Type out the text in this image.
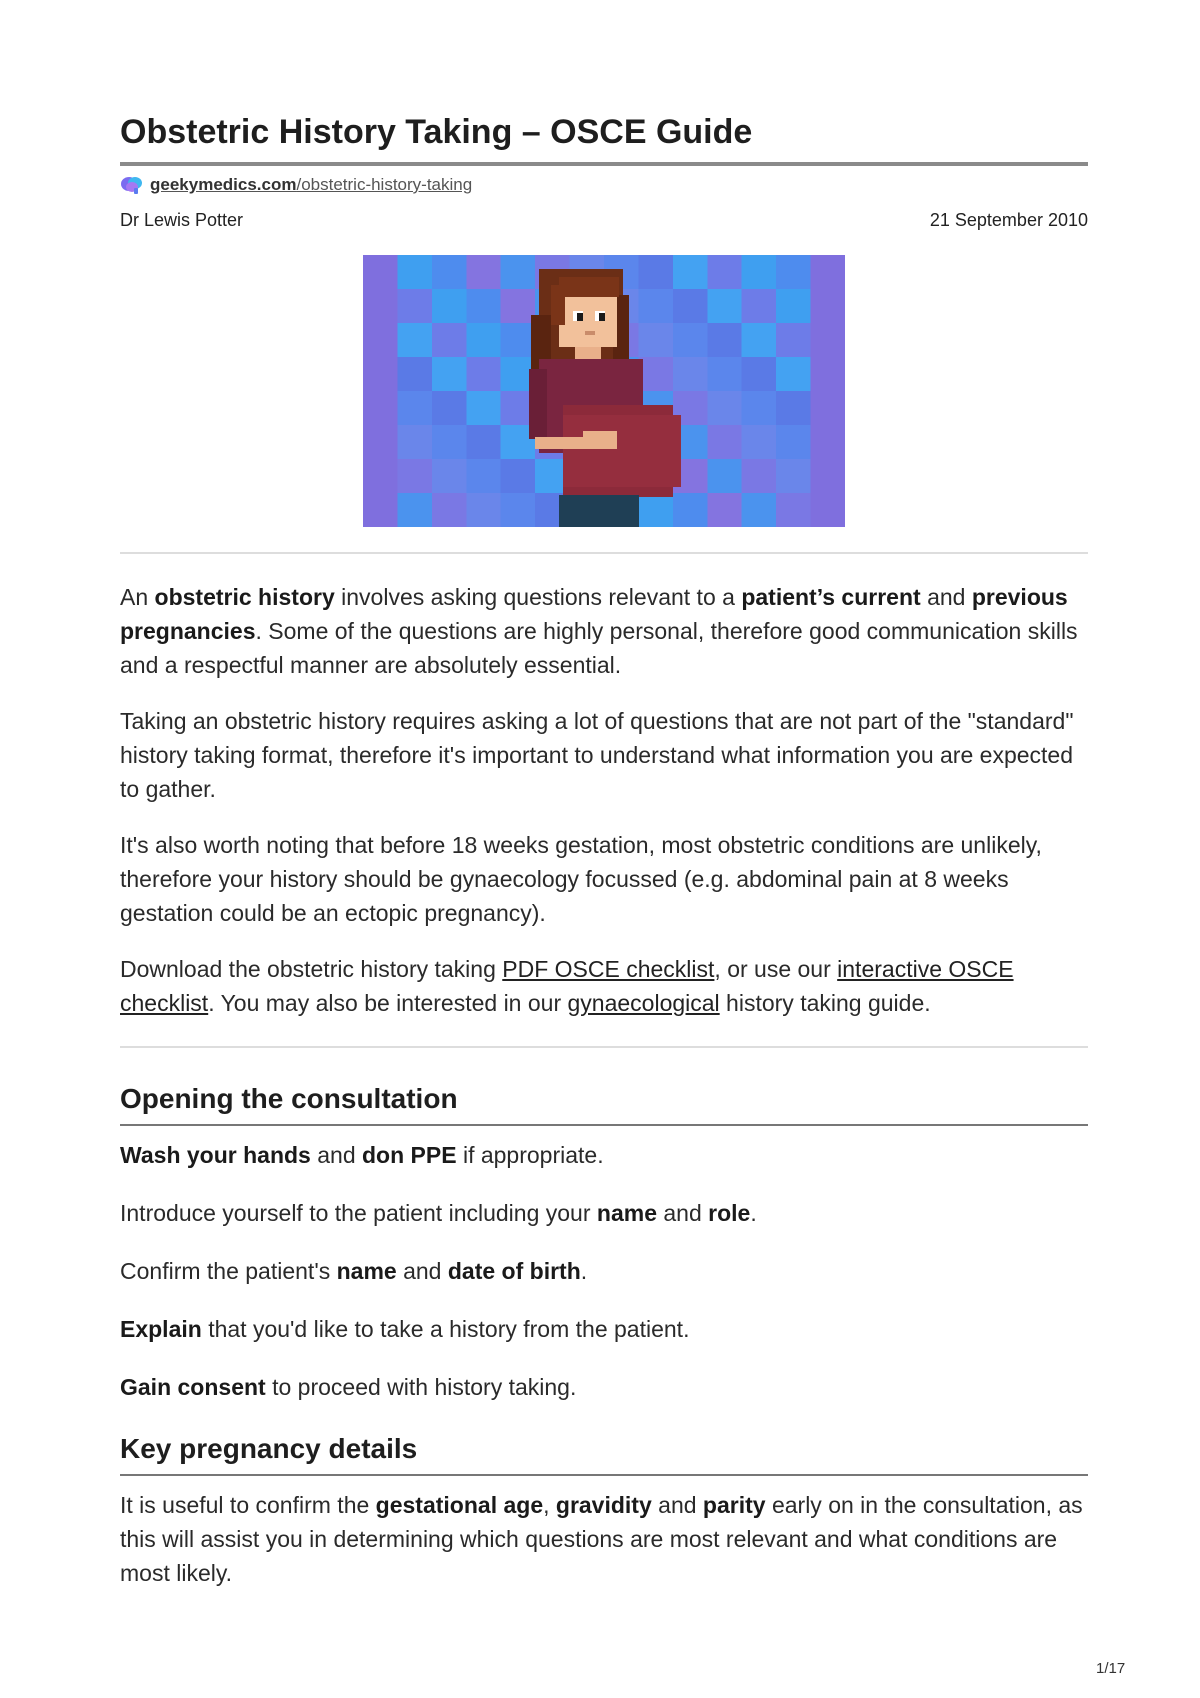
Obstetric History Taking – OSCE Guide
geekymedics.com/obstetric-history-taking
Dr Lewis Potter	21 September 2010

An obstetric history involves asking questions relevant to a patient’s current and previous pregnancies. Some of the questions are highly personal, therefore good communication skills and a respectful manner are absolutely essential.

Taking an obstetric history requires asking a lot of questions that are not part of the "standard" history taking format, therefore it's important to understand what information you are expected to gather.

It's also worth noting that before 18 weeks gestation, most obstetric conditions are unlikely, therefore your history should be gynaecology focussed (e.g. abdominal pain at 8 weeks gestation could be an ectopic pregnancy).

Download the obstetric history taking PDF OSCE checklist, or use our interactive OSCE checklist. You may also be interested in our gynaecological history taking guide.

Opening the consultation

Wash your hands and don PPE if appropriate.

Introduce yourself to the patient including your name and role.

Confirm the patient's name and date of birth.

Explain that you'd like to take a history from the patient.

Gain consent to proceed with history taking.

Key pregnancy details

It is useful to confirm the gestational age, gravidity and parity early on in the consultation, as this will assist you in determining which questions are most relevant and what conditions are most likely.

1/17
